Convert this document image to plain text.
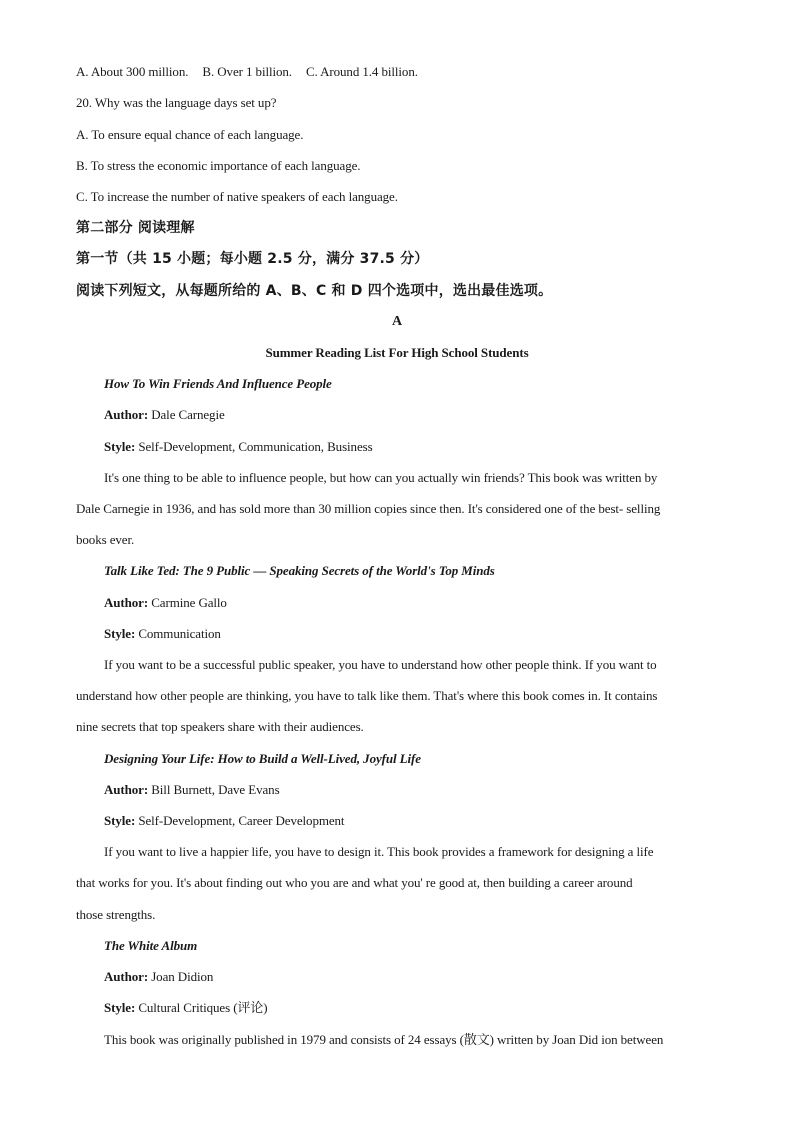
A. About 300 million. B. Over 1 billion. C. Around 1.4 billion.
20. Why was the language days set up?
A. To ensure equal chance of each language.
B. To stress the economic importance of each language.
C. To increase the number of native speakers of each language.
第二部分 阅读理解
第一节（共 15 小题；每小题 2.5 分，满分 37.5 分）
阅读下列短文，从每题所给的 A、B、C 和 D 四个选项中，选出最佳选项。
A
Summer Reading List For High School Students
How To Win Friends And Influence People
Author: Dale Carnegie
Style: Self-Development, Communication, Business
It's one thing to be able to influence people, but how can you actually win friends? This book was written by
Dale Carnegie in 1936, and has sold more than 30 million copies since then. It's considered one of the best- selling
books ever.
Talk Like Ted: The 9 Public — Speaking Secrets of the World's Top Minds
Author: Carmine Gallo
Style: Communication
If you want to be a successful public speaker, you have to understand how other people think. If you want to
understand how other people are thinking, you have to talk like them. That's where this book comes in. It contains
nine secrets that top speakers share with their audiences.
Designing Your Life: How to Build a Well-Lived, Joyful Life
Author: Bill Burnett, Dave Evans
Style: Self-Development, Career Development
If you want to live a happier life, you have to design it. This book provides a framework for designing a life
that works for you. It's about finding out who you are and what you' re good at, then building a career around
those strengths.
The White Album
Author: Joan Didion
Style: Cultural Critiques (评论)
This book was originally published in 1979 and consists of 24 essays (散文) written by Joan Did ion between
